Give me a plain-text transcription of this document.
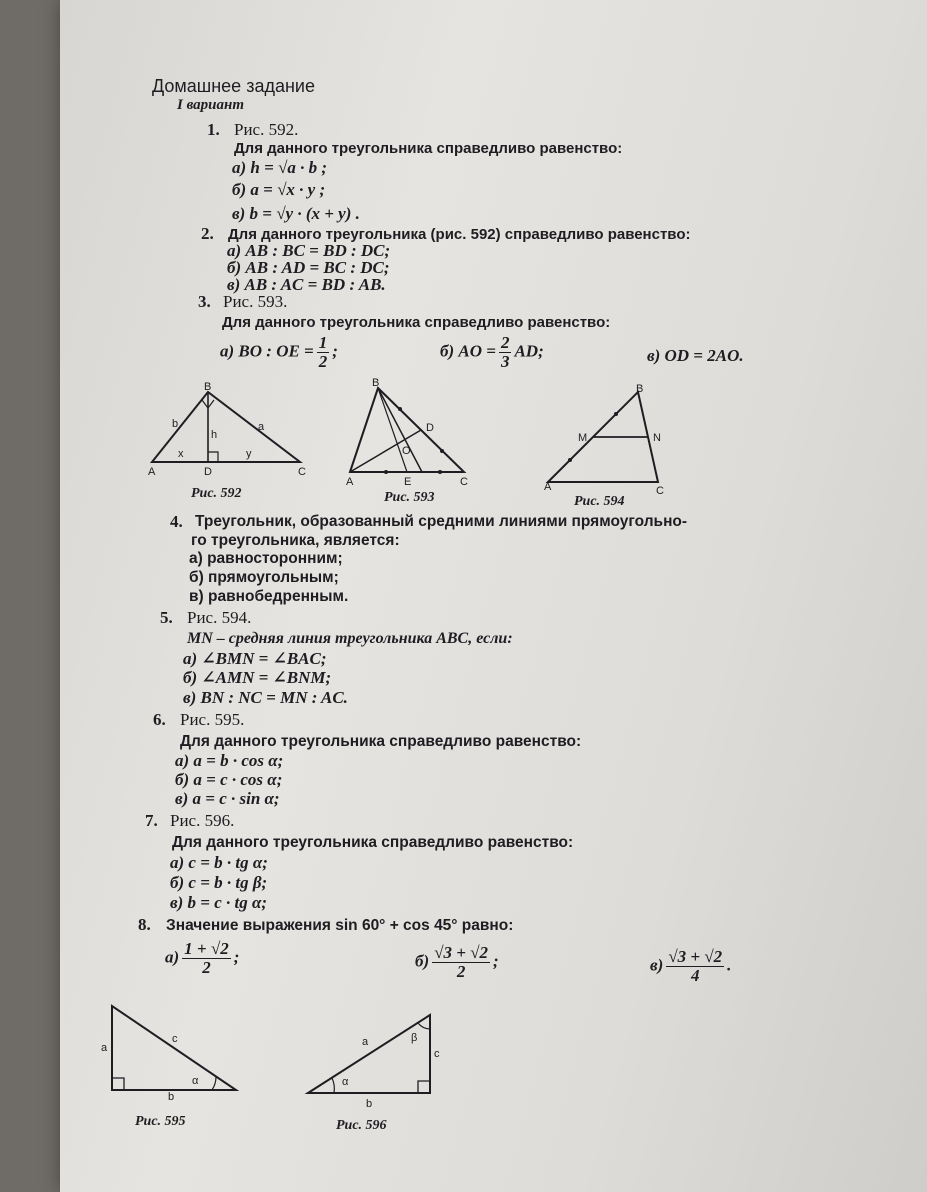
Домашнее задание
I вариант
1. Рис. 592.
Для данного треугольника справедливо равенство:
а) h = √a · b ;
б) a = √x · y ;
в) b = √y · (x + y) .
2. Для данного треугольника (рис. 592) справедливо равенство:
а) AB : BC = BD : DC;
б) AB : AD = BC : DC;
в) AB : AC = BD : AB.
3. Рис. 593.
Для данного треугольника справедливо равенство:
а) BO : OE = $\frac{1}{2}$ ;	б) AO = $\frac{2}{3}$ AD;	в) OD = 2AO.
B
A	D	C
b	a
h
x	y
Рис. 592
B
A	E	C
D
O
Рис. 593
B
A	C
M	N
Рис. 594
4. Треугольник, образованный средними линиями прямоугольно-
го треугольника, является:
а) равносторонним;
б) прямоугольным;
в) равнобедренным.
5. Рис. 594.
MN – средняя линия треугольника ABC, если:
а) ∠BMN = ∠BAC;
б) ∠AMN = ∠BNM;
в) BN : NC = MN : AC.
6. Рис. 595.
Для данного треугольника справедливо равенство:
а) a = b · cos α;
б) a = c · cos α;
в) a = c · sin α;
7. Рис. 596.
Для данного треугольника справедливо равенство:
а) c = b · tg α;
б) c = b · tg β;
в) b = c · tg α;
8. Значение выражения sin 60° + cos 45° равно:
$а) \frac{1 + √2}{2}$ ;	$б) \frac{√3 + √2}{2}$ ;	$в) \frac{√3 + √2}{4}$ .
a
c
b
α
Рис. 595
a
c
b
α
β
Рис. 596
